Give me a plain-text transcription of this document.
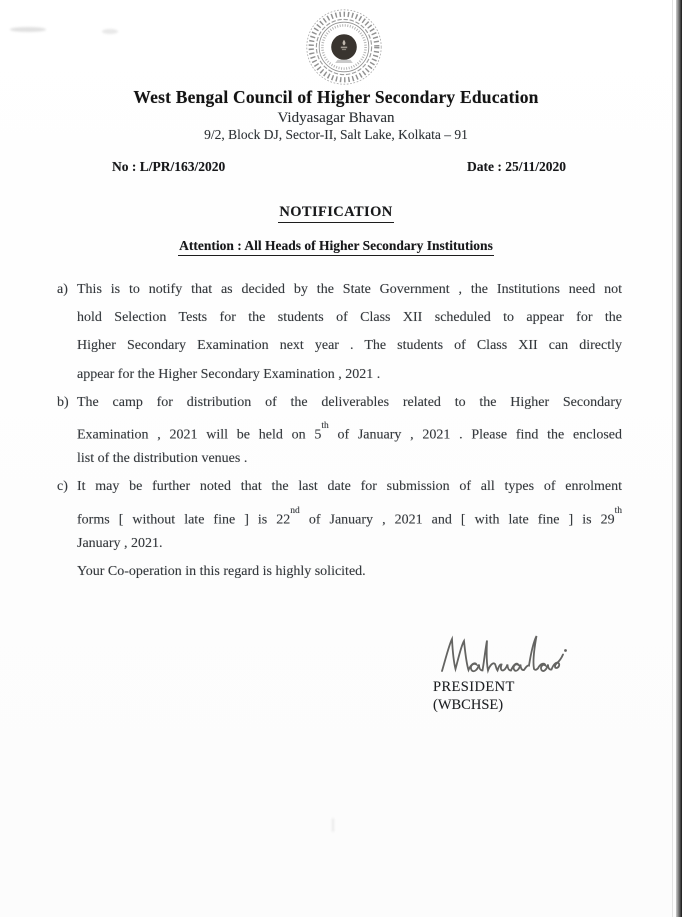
West Bengal Council of Higher Secondary Education
Vidyasagar Bhavan
9/2, Block DJ, Sector-II, Salt Lake, Kolkata – 91
No : L/PR/163/2020	Date : 25/11/2020
NOTIFICATION
Attention : All Heads of Higher Secondary Institutions
a) This is to notify that as decided by the State Government , the Institutions need not
hold Selection Tests for the students of Class XII scheduled to appear for the
Higher Secondary Examination next year . The students of Class XII can directly
appear for the Higher Secondary Examination , 2021 .
b) The camp for distribution of the deliverables related to the Higher Secondary
Examination , 2021 will be held on 5th of January , 2021 . Please find the enclosed
list of the distribution venues .
c) It may be further noted that the last date for submission of all types of enrolment
forms [ without late fine ] is 22nd of January , 2021 and [ with late fine ] is 29th
January , 2021.
Your Co-operation in this regard is highly solicited.
PRESIDENT
(WBCHSE)
